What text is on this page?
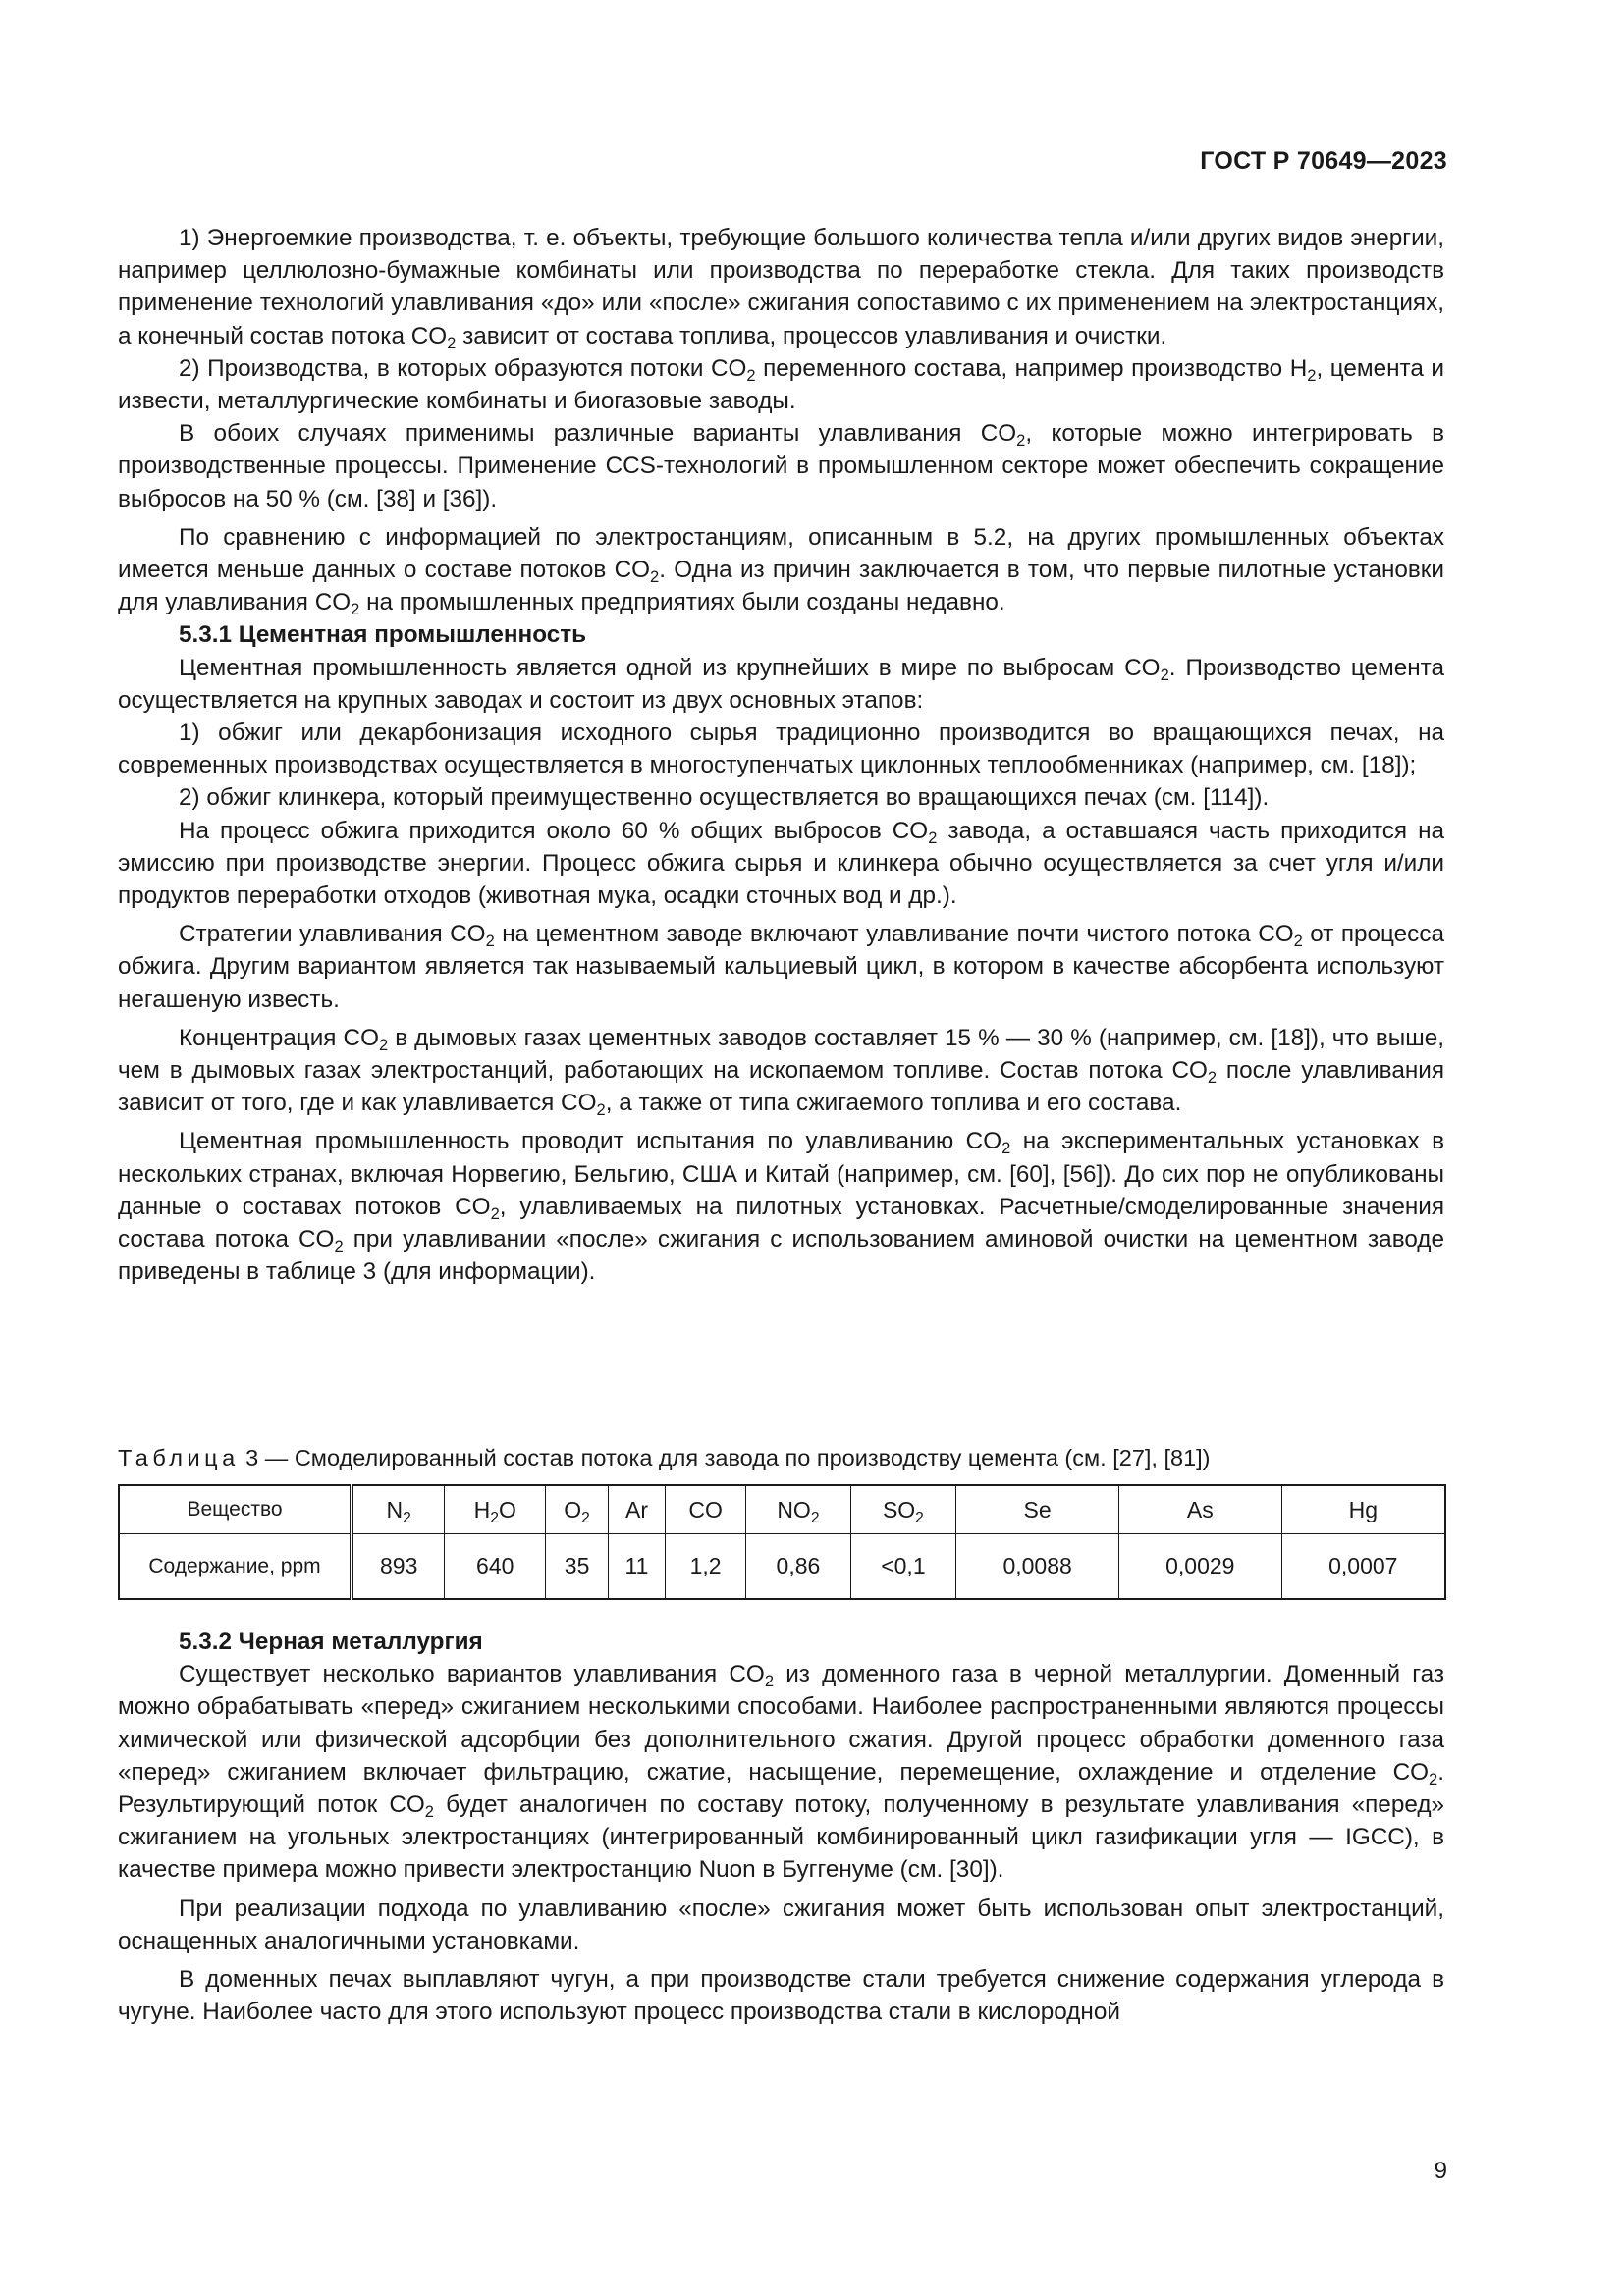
ГОСТ Р 70649—2023

1) Энергоемкие производства, т. е. объекты, требующие большого количества тепла и/или других видов энергии, например целлюлозно-бумажные комбинаты или производства по переработке стекла. Для таких производств применение технологий улавливания «до» или «после» сжигания сопоставимо с их применением на электростанциях, а конечный состав потока $CO_2$ зависит от состава топлива, процессов улавливания и очистки.

2) Производства, в которых образуются потоки $CO_2$ переменного состава, например производство $H_2$, цемента и извести, металлургические комбинаты и биогазовые заводы.

В обоих случаях применимы различные варианты улавливания $CO_2$, которые можно интегрировать в производственные процессы. Применение CCS-технологий в промышленном секторе может обеспечить сокращение выбросов на 50 % (см. [38] и [36]).

По сравнению с информацией по электростанциям, описанным в 5.2, на других промышленных объектах имеется меньше данных о составе потоков $CO_2$. Одна из причин заключается в том, что первые пилотные установки для улавливания $CO_2$ на промышленных предприятиях были созданы недавно.

5.3.1 Цементная промышленность

Цементная промышленность является одной из крупнейших в мире по выбросам $CO_2$. Производство цемента осуществляется на крупных заводах и состоит из двух основных этапов:

1) обжиг или декарбонизация исходного сырья традиционно производится во вращающихся печах, на современных производствах осуществляется в многоступенчатых циклонных теплообменниках (например, см. [18]);

2) обжиг клинкера, который преимущественно осуществляется во вращающихся печах (см. [114]).

На процесс обжига приходится около 60 % общих выбросов $CO_2$ завода, а оставшаяся часть приходится на эмиссию при производстве энергии. Процесс обжига сырья и клинкера обычно осуществляется за счет угля и/или продуктов переработки отходов (животная мука, осадки сточных вод и др.).

Стратегии улавливания $CO_2$ на цементном заводе включают улавливание почти чистого потока $CO_2$ от процесса обжига. Другим вариантом является так называемый кальциевый цикл, в котором в качестве абсорбента используют негашеную известь.

Концентрация $CO_2$ в дымовых газах цементных заводов составляет 15 % — 30 % (например, см. [18]), что выше, чем в дымовых газах электростанций, работающих на ископаемом топливе. Состав потока $CO_2$ после улавливания зависит от того, где и как улавливается $CO_2$, а также от типа сжигаемого топлива и его состава.

Цементная промышленность проводит испытания по улавливанию $CO_2$ на экспериментальных установках в нескольких странах, включая Норвегию, Бельгию, США и Китай (например, см. [60], [56]). До сих пор не опубликованы данные о составах потоков $CO_2$, улавливаемых на пилотных установках. Расчетные/смоделированные значения состава потока $CO_2$ при улавливании «после» сжигания с использованием аминовой очистки на цементном заводе приведены в таблице 3 (для информации).

Таблица 3 — Смоделированный состав потока для завода по производству цемента (см. [27], [81])
Вещество	$N_2$	$H_2O$	$O_2$	Ar	CO	$NO_2$	$SO_2$	Se	As	Hg
Содержание, ppm	893	640	35	11	1,2	0,86	<0,1	0,0088	0,0029	0,0007

5.3.2 Черная металлургия

Существует несколько вариантов улавливания $CO_2$ из доменного газа в черной металлургии. Доменный газ можно обрабатывать «перед» сжиганием несколькими способами. Наиболее распространенными являются процессы химической или физической адсорбции без дополнительного сжатия. Другой процесс обработки доменного газа «перед» сжиганием включает фильтрацию, сжатие, насыщение, перемещение, охлаждение и отделение $CO_2$. Результирующий поток $CO_2$ будет аналогичен по составу потоку, полученному в результате улавливания «перед» сжиганием на угольных электростанциях (интегрированный комбинированный цикл газификации угля — IGCC), в качестве примера можно привести электростанцию Nuon в Буггенуме (см. [30]).

При реализации подхода по улавливанию «после» сжигания может быть использован опыт электростанций, оснащенных аналогичными установками.

В доменных печах выплавляют чугун, а при производстве стали требуется снижение содержания углерода в чугуне. Наиболее часто для этого используют процесс производства стали в кислородной

9
